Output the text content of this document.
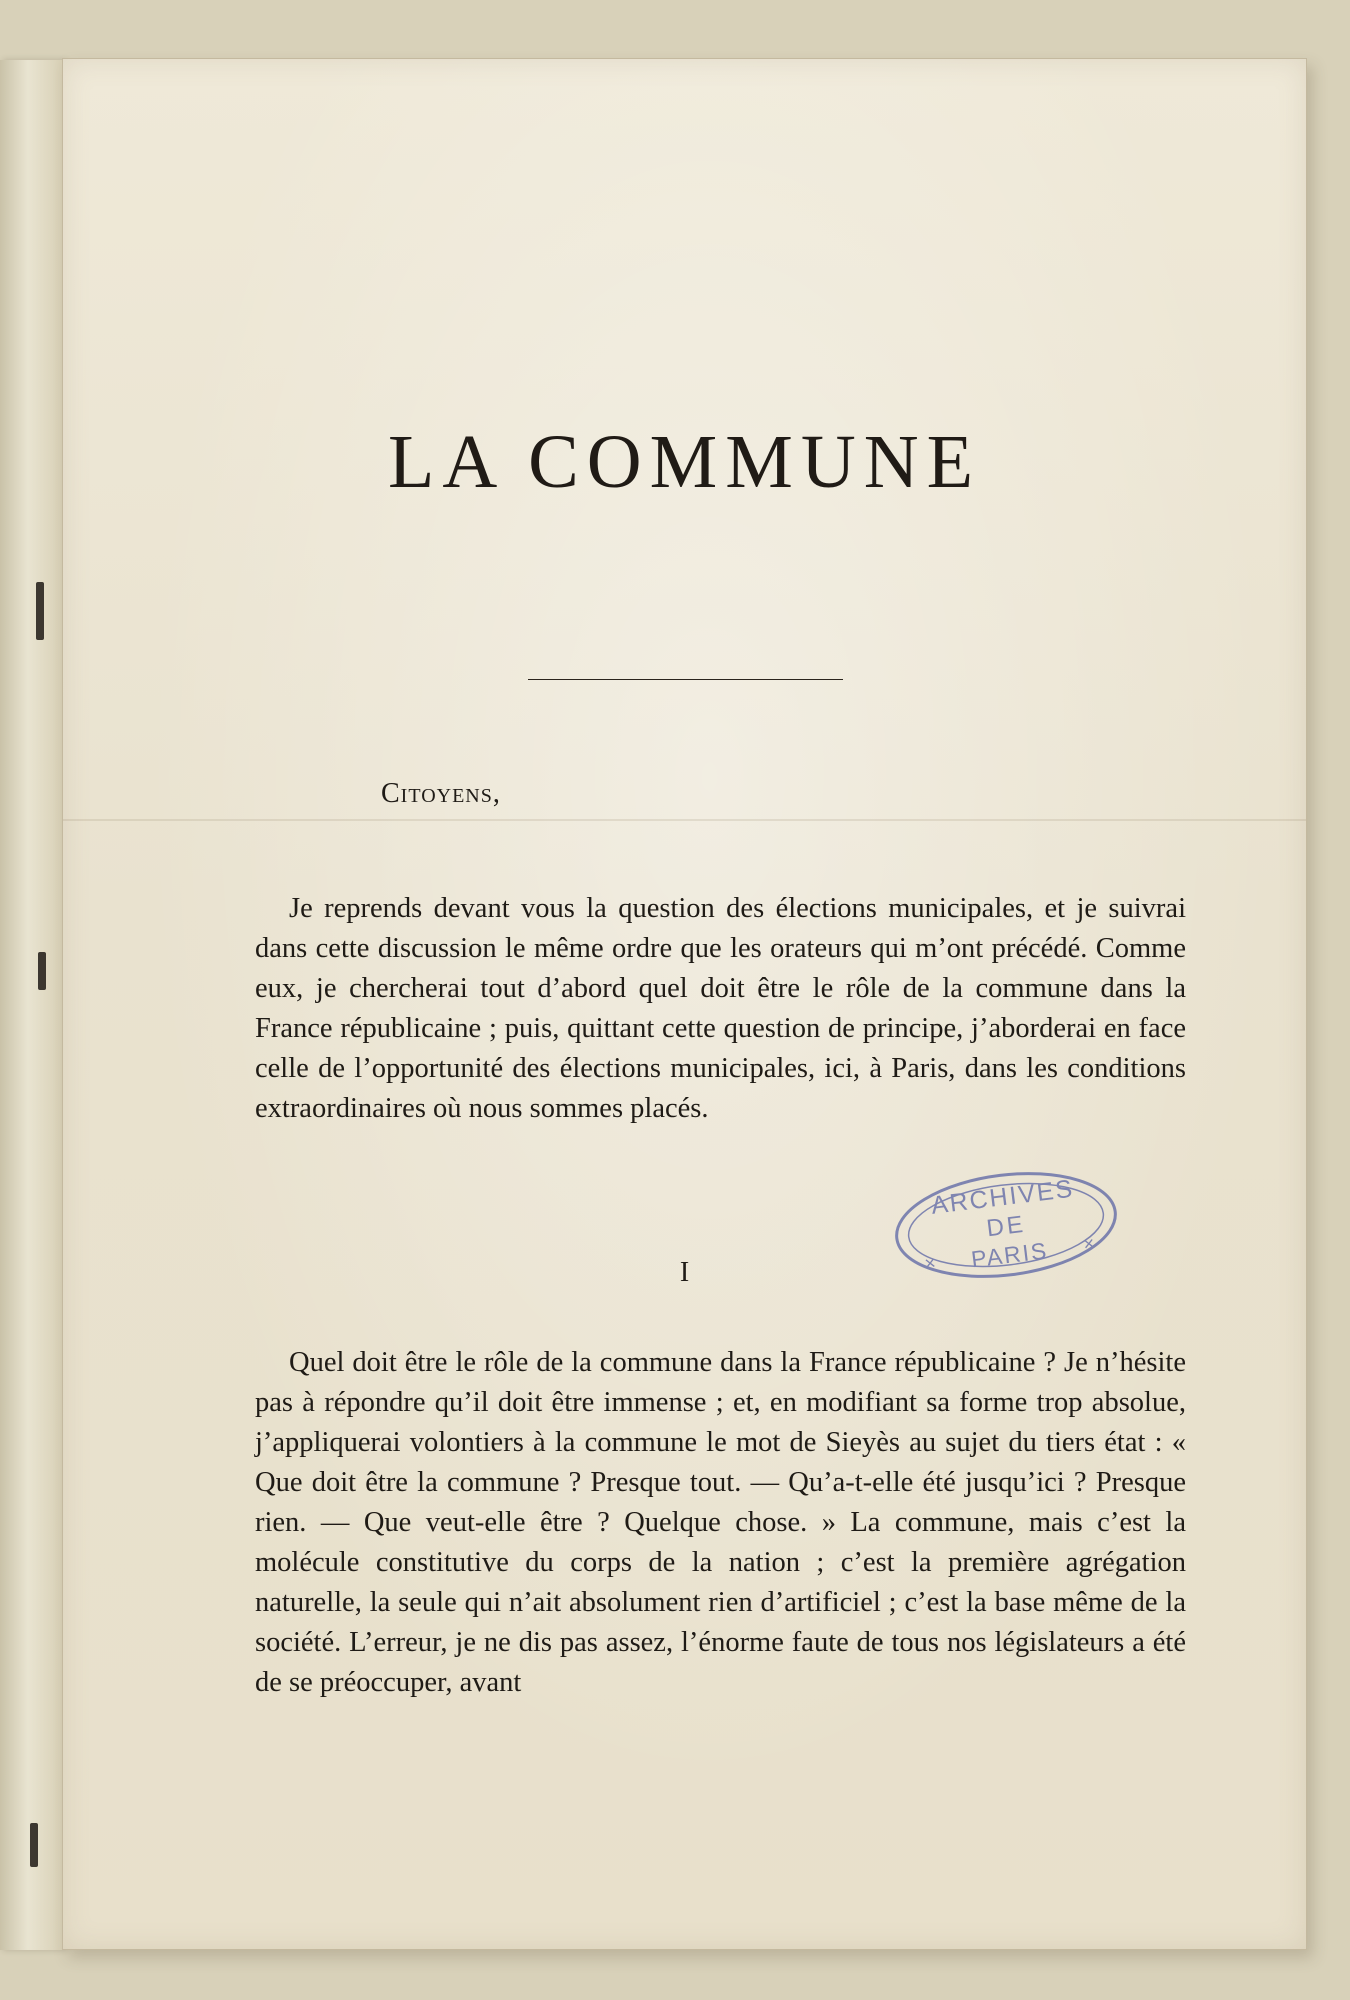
LA COMMUNE

Citoyens,

Je reprends devant vous la question des élections municipales, et je suivrai dans cette discussion le même ordre que les orateurs qui m’ont précédé. Comme eux, je chercherai tout d’abord quel doit être le rôle de la commune dans la France républicaine ; puis, quittant cette question de principe, j’aborderai en face celle de l’opportunité des élections municipales, ici, à Paris, dans les conditions extraordinaires où nous sommes placés.

I

Quel doit être le rôle de la commune dans la France républicaine ? Je n’hésite pas à répondre qu’il doit être immense ; et, en modifiant sa forme trop absolue, j’appliquerai volontiers à la commune le mot de Sieyès au sujet du tiers état : « Que doit être la commune ? Presque tout. — Qu’a-t-elle été jusqu’ici ? Presque rien. — Que veut-elle être ? Quelque chose. » La commune, mais c’est la molécule constitutive du corps de la nation ; c’est la première agrégation naturelle, la seule qui n’ait absolument rien d’artificiel ; c’est la base même de la société. L’erreur, je ne dis pas assez, l’énorme faute de tous nos législateurs a été de se préoccuper, avant

ARCHIVES
DE
PARIS
×
×
